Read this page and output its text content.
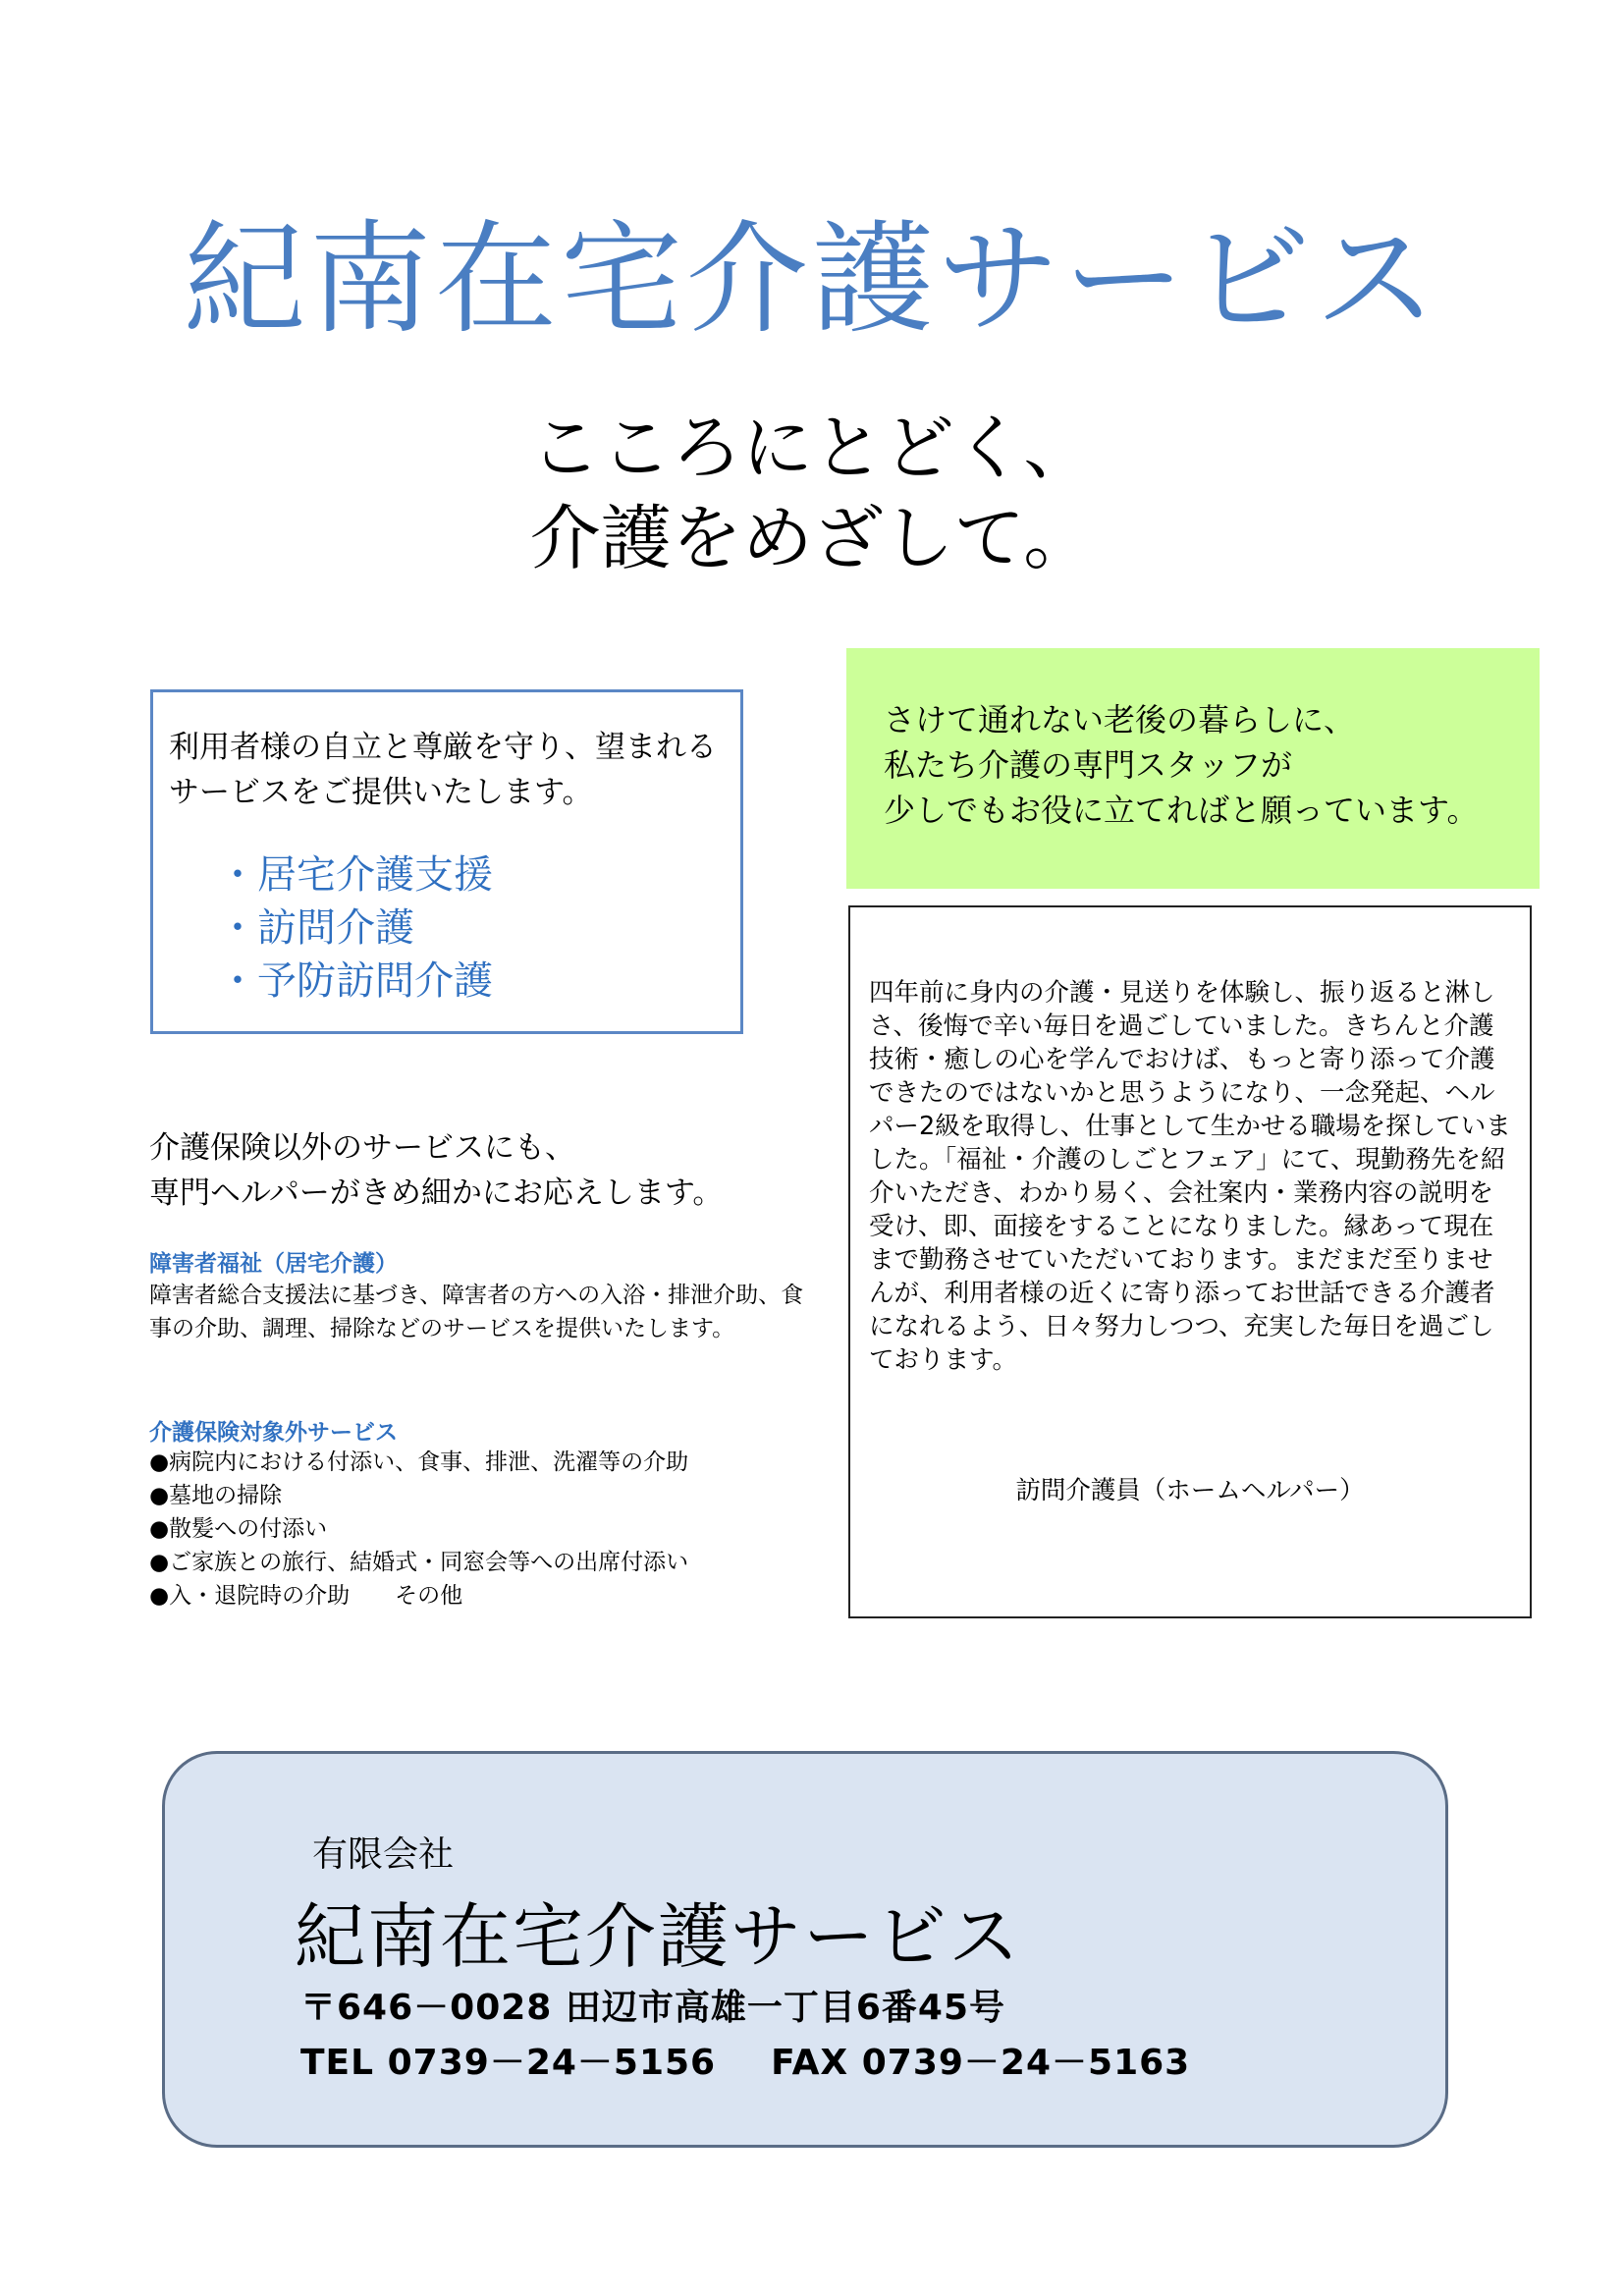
紀南在宅介護サービス
こころにとどく、
介護をめざして。
利用者様の自立と尊厳を守り、望まれるサービスをご提供いたします。
・居宅介護支援
・訪問介護
・予防訪問介護
さけて通れない老後の暮らしに、
私たち介護の専門スタッフが
少しでもお役に立てればと願っています。
四年前に身内の介護・見送りを体験し、振り返ると淋しさ、後悔で辛い毎日を過ごしていました。きちんと介護技術・癒しの心を学んでおけば、もっと寄り添って介護できたのではないかと思うようになり、一念発起、ヘルパー2級を取得し、仕事として生かせる職場を探していました。「福祉・介護のしごとフェア」にて、現勤務先を紹介いただき、わかり易く、会社案内・業務内容の説明を受け、即、面接をすることになりました。縁あって現在まで勤務させていただいております。まだまだ至りませんが、利用者様の近くに寄り添ってお世話できる介護者になれるよう、日々努力しつつ、充実した毎日を過ごしております。
訪問介護員（ホームヘルパー）
介護保険以外のサービスにも、
専門ヘルパーがきめ細かにお応えします。
障害者福祉（居宅介護）
障害者総合支援法に基づき、障害者の方への入浴・排泄介助、食事の介助、調理、掃除などのサービスを提供いたします。
介護保険対象外サービス
●病院内における付添い、食事、排泄、洗濯等の介助
●墓地の掃除
●散髪への付添い
●ご家族との旅行、結婚式・同窓会等への出席付添い
●入・退院時の介助　　その他
有限会社
紀南在宅介護サービス
〒646－0028 田辺市高雄一丁目6番45号
TEL 0739－24－5156 FAX 0739－24－5163
